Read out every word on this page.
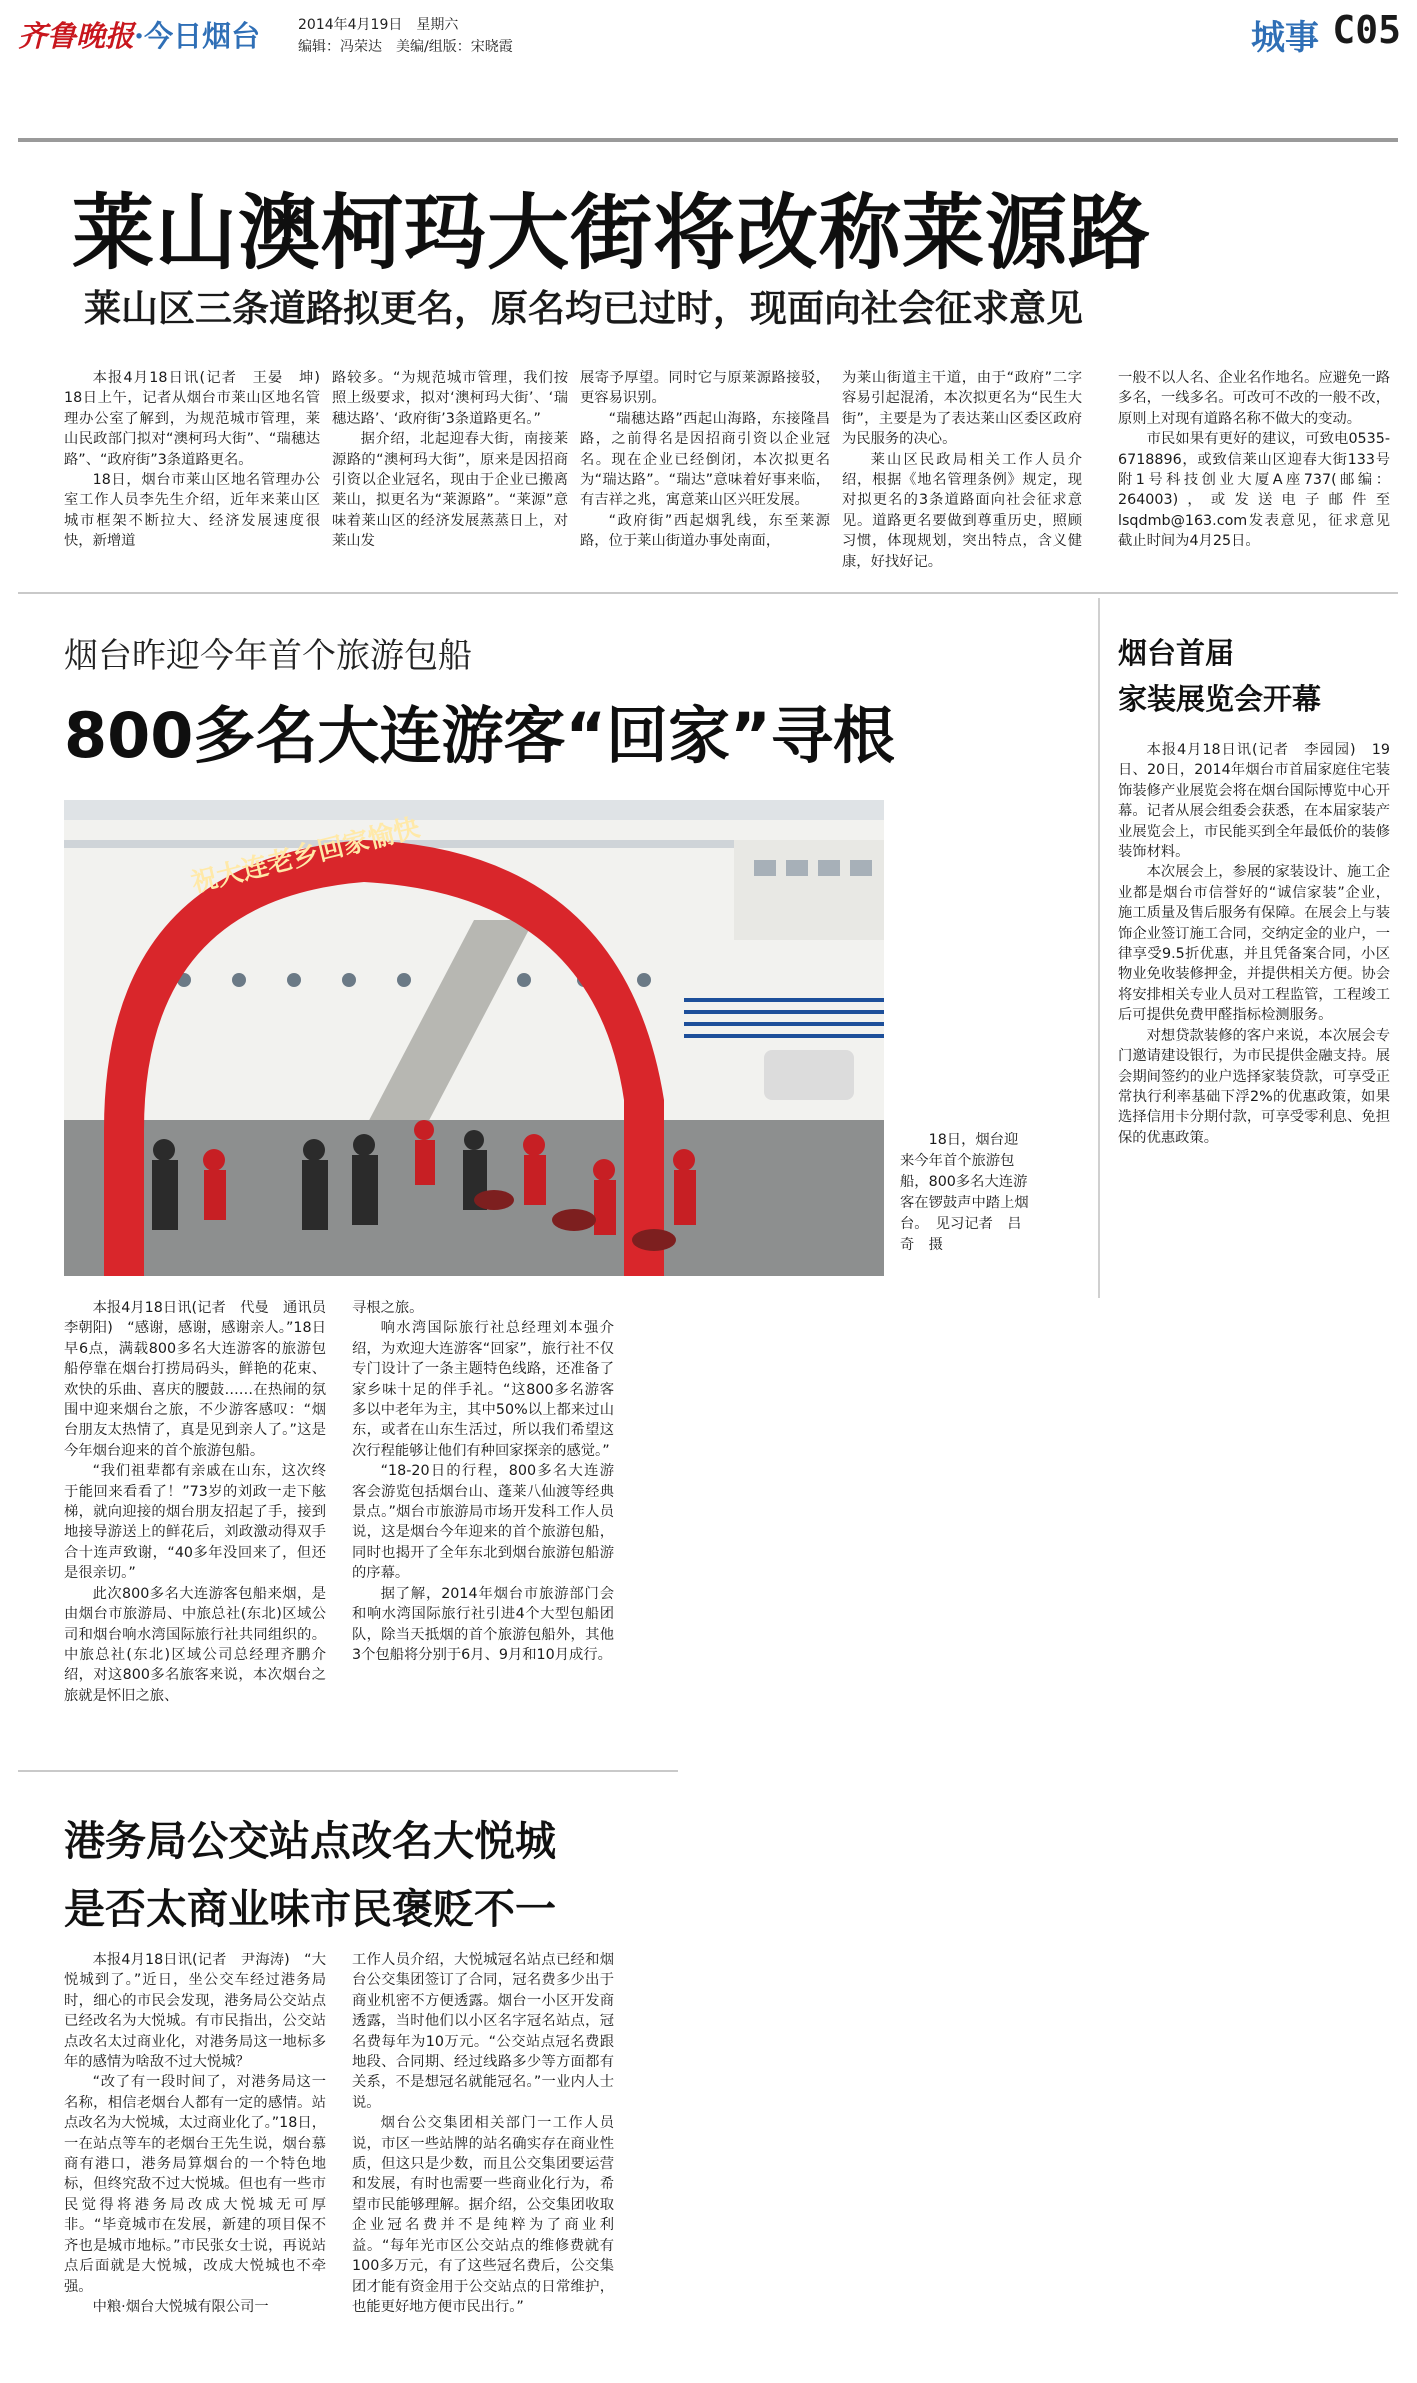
齐鲁晚报·今日烟台	2014年4月19日 星期六
编辑：冯荣达 美编/组版：宋晓霞	城事 C05
莱山澳柯玛大街将改称莱源路
莱山区三条道路拟更名，原名均已过时，现面向社会征求意见

本报4月18日讯(记者　王晏　坤)　18日上午，记者从烟台市莱山区地名管理办公室了解到，为规范城市管理，莱山民政部门拟对“澳柯玛大街”、“瑞穗达路”、“政府街”3条道路更名。

18日，烟台市莱山区地名管理办公室工作人员李先生介绍，近年来莱山区城市框架不断拉大、经济发展速度很快，新增道

路较多。“为规范城市管理，我们按照上级要求，拟对‘澳柯玛大街’、‘瑞穗达路’、‘政府街’3条道路更名。”

据介绍，北起迎春大街，南接莱源路的“澳柯玛大街”，原来是因招商引资以企业冠名，现由于企业已搬离莱山，拟更名为“莱源路”。“莱源”意味着莱山区的经济发展蒸蒸日上，对莱山发

展寄予厚望。同时它与原莱源路接驳，更容易识别。

“瑞穗达路”西起山海路，东接隆昌路，之前得名是因招商引资以企业冠名。现在企业已经倒闭，本次拟更名为“瑞达路”。“瑞达”意味着好事来临，有吉祥之兆，寓意莱山区兴旺发展。

“政府街”西起烟乳线，东至莱源路，位于莱山街道办事处南面，

为莱山街道主干道，由于“政府”二字容易引起混淆，本次拟更名为“民生大街”，主要是为了表达莱山区委区政府为民服务的决心。

莱山区民政局相关工作人员介绍，根据《地名管理条例》规定，现对拟更名的3条道路面向社会征求意见。道路更名要做到尊重历史，照顾习惯，体现规划，突出特点，含义健康，好找好记。

一般不以人名、企业名作地名。应避免一路多名，一线多名。可改可不改的一般不改，原则上对现有道路名称不做大的变动。

市民如果有更好的建议，可致电0535-6718896，或致信莱山区迎春大街133号附1号科技创业大厦A座737(邮编：264003)，或发送电子邮件至lsqdmb@163.com发表意见，征求意见截止时间为4月25日。

烟台昨迎今年首个旅游包船
800多名大连游客“回家”寻根
祝大连老乡回家愉快

18日，烟台迎来今年首个旅游包船，800多名大连游客在锣鼓声中踏上烟台。　见习记者　吕奇　摄

本报4月18日讯(记者　代曼　通讯员　李朝阳)　“感谢，感谢，感谢亲人。”18日早6点，满载800多名大连游客的旅游包船停靠在烟台打捞局码头，鲜艳的花束、欢快的乐曲、喜庆的腰鼓……在热闹的氛围中迎来烟台之旅，不少游客感叹：“烟台朋友太热情了，真是见到亲人了。”这是今年烟台迎来的首个旅游包船。

“我们祖辈都有亲戚在山东，这次终于能回来看看了！”73岁的刘政一走下舷梯，就向迎接的烟台朋友招起了手，接到地接导游送上的鲜花后，刘政激动得双手合十连声致谢，“40多年没回来了，但还是很亲切。”

此次800多名大连游客包船来烟，是由烟台市旅游局、中旅总社(东北)区域公司和烟台响水湾国际旅行社共同组织的。中旅总社(东北)区域公司总经理齐鹏介绍，对这800多名旅客来说，本次烟台之旅就是怀旧之旅、

寻根之旅。

响水湾国际旅行社总经理刘本强介绍，为欢迎大连游客“回家”，旅行社不仅专门设计了一条主题特色线路，还准备了家乡味十足的伴手礼。“这800多名游客多以中老年为主，其中50%以上都来过山东，或者在山东生活过，所以我们希望这次行程能够让他们有种回家探亲的感觉。”

“18-20日的行程，800多名大连游客会游览包括烟台山、蓬莱八仙渡等经典景点。”烟台市旅游局市场开发科工作人员说，这是烟台今年迎来的首个旅游包船，同时也揭开了全年东北到烟台旅游包船游的序幕。

据了解，2014年烟台市旅游部门会和响水湾国际旅行社引进4个大型包船团队，除当天抵烟的首个旅游包船外，其他3个包船将分别于6月、9月和10月成行。

烟台首届
家装展览会开幕

本报4月18日讯(记者　李园园)　19日、20日，2014年烟台市首届家庭住宅装饰装修产业展览会将在烟台国际博览中心开幕。记者从展会组委会获悉，在本届家装产业展览会上，市民能买到全年最低价的装修装饰材料。

本次展会上，参展的家装设计、施工企业都是烟台市信誉好的“诚信家装”企业，施工质量及售后服务有保障。在展会上与装饰企业签订施工合同，交纳定金的业户，一律享受9.5折优惠，并且凭备案合同，小区物业免收装修押金，并提供相关方便。协会将安排相关专业人员对工程监管，工程竣工后可提供免费甲醛指标检测服务。

对想贷款装修的客户来说，本次展会专门邀请建设银行，为市民提供金融支持。展会期间签约的业户选择家装贷款，可享受正常执行利率基础下浮2%的优惠政策，如果选择信用卡分期付款，可享受零利息、免担保的优惠政策。

港务局公交站点改名大悦城
是否太商业味市民褒贬不一

本报4月18日讯(记者　尹海涛)　“大悦城到了。”近日，坐公交车经过港务局时，细心的市民会发现，港务局公交站点已经改名为大悦城。有市民指出，公交站点改名太过商业化，对港务局这一地标多年的感情为啥敌不过大悦城？

“改了有一段时间了，对港务局这一名称，相信老烟台人都有一定的感情。站点改名为大悦城，太过商业化了。”18日，一在站点等车的老烟台王先生说，烟台慕商有港口，港务局算烟台的一个特色地标，但终究敌不过大悦城。但也有一些市民觉得将港务局改成大悦城无可厚非。“毕竟城市在发展，新建的项目保不齐也是城市地标。”市民张女士说，再说站点后面就是大悦城，改成大悦城也不牵强。

中粮·烟台大悦城有限公司一

工作人员介绍，大悦城冠名站点已经和烟台公交集团签订了合同，冠名费多少出于商业机密不方便透露。烟台一小区开发商透露，当时他们以小区名字冠名站点，冠名费每年为10万元。“公交站点冠名费跟地段、合同期、经过线路多少等方面都有关系，不是想冠名就能冠名。”一业内人士说。

烟台公交集团相关部门一工作人员说，市区一些站牌的站名确实存在商业性质，但这只是少数，而且公交集团要运营和发展，有时也需要一些商业化行为，希望市民能够理解。据介绍，公交集团收取企业冠名费并不是纯粹为了商业利益。“每年光市区公交站点的维修费就有100多万元，有了这些冠名费后，公交集团才能有资金用于公交站点的日常维护，也能更好地方便市民出行。”
